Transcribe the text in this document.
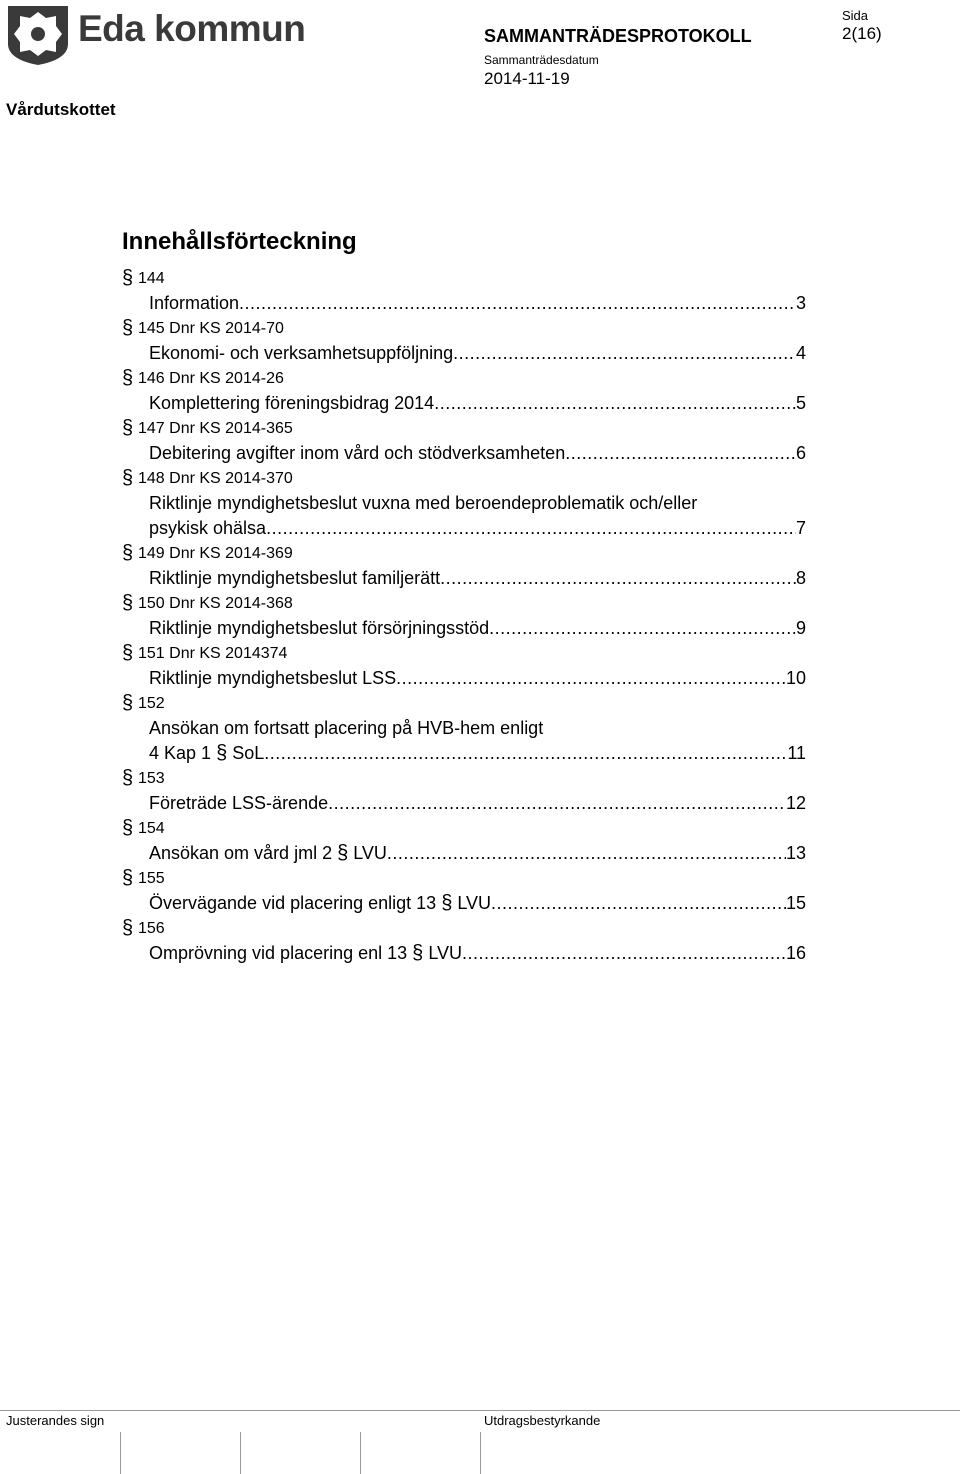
Eda kommun	SAMMANTRÄDESPROTOKOLL
Sammanträdesdatum
2014-11-19
Sida
2(16)
Vårdutskottet
Innehållsförteckning
§ 144
Information .....	3
§ 145 Dnr KS 2014-70
Ekonomi- och verksamhetsuppföljning .....	4
§ 146 Dnr KS 2014-26
Komplettering föreningsbidrag 2014 .....	5
§ 147 Dnr KS 2014-365
Debitering avgifter inom vård och stödverksamheten .....	6
§ 148 Dnr KS 2014-370
Riktlinje myndighetsbeslut vuxna med beroendeproblematik och/eller
psykisk ohälsa .....	7
§ 149 Dnr KS 2014-369
Riktlinje myndighetsbeslut familjerätt .....	8
§ 150 Dnr KS 2014-368
Riktlinje myndighetsbeslut försörjningsstöd .....	9
§ 151 Dnr KS 2014374
Riktlinje myndighetsbeslut LSS .....	10
§ 152
Ansökan om fortsatt placering på HVB-hem enligt
4 Kap 1 § SoL .....	11
§ 153
Företräde LSS-ärende .....	12
§ 154
Ansökan om vård jml 2 § LVU .....	13
§ 155
Övervägande vid placering enligt 13 § LVU .....	15
§ 156
Omprövning vid placering enl 13 § LVU .....	16
Justerandes sign	Utdragsbestyrkande
